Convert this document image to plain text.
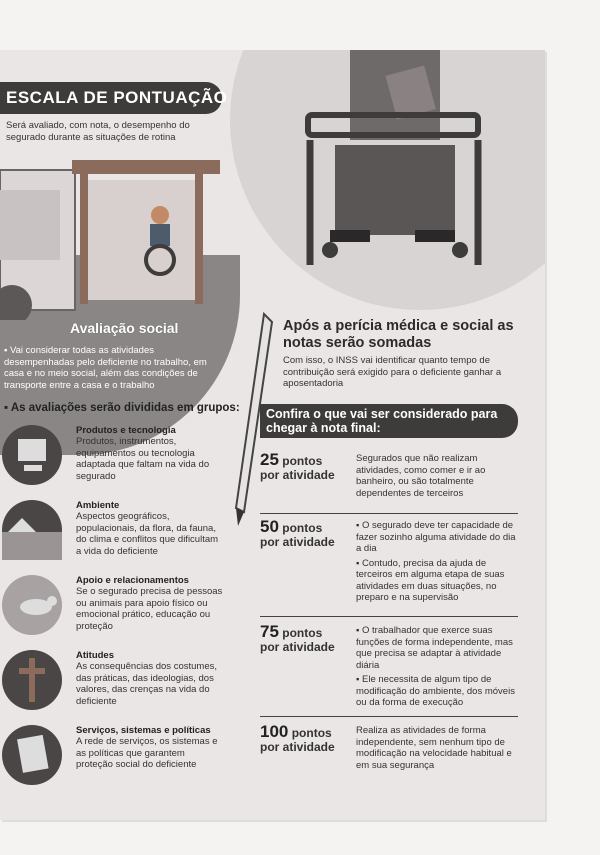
ESCALA DE PONTUAÇÃO
Será avaliado, com nota, o desempenho do segurado durante as situações de rotina
Avaliação social
▪ Vai considerar todas as atividades desempenhadas pelo deficiente no trabalho, em casa e no meio social, além das condições de transporte entre a casa e o trabalho
▪ As avaliações serão divididas em grupos:
Produtos e tecnologia
Produtos, instrumentos, equipamentos ou tecnologia adaptada que faltam na vida do segurado
Ambiente
Aspectos geográficos, populacionais, da flora, da fauna, do clima e conflitos que dificultam a vida do deficiente
Apoio e relacionamentos
Se o segurado precisa de pessoas ou animais para apoio físico ou emocional prático, educação ou proteção
Atitudes
As consequências dos costumes, das práticas, das ideologias, dos valores, das crenças na vida do deficiente
Serviços, sistemas e políticas
A rede de serviços, os sistemas e as políticas que garantem proteção social do deficiente
Após a perícia médica e social as notas serão somadas
Com isso, o INSS vai identificar quanto tempo de contribuição será exigido para o deficiente ganhar a aposentadoria
Confira o que vai ser considerado para chegar à nota final:
25 pontos
por atividade

Segurados que não realizam atividades, como comer e ir ao banheiro, ou são totalmente dependentes de terceiros

50 pontos
por atividade

▪ O segurado deve ter capacidade de fazer sozinho alguma atividade do dia a dia

▪ Contudo, precisa da ajuda de terceiros em alguma etapa de suas atividades em duas situações, no preparo e na supervisão

75 pontos
por atividade

▪ O trabalhador que exerce suas funções de forma independente, mas que precisa se adaptar à atividade diária

▪ Ele necessita de algum tipo de modificação do ambiente, dos móveis ou da forma de execução

100 pontos
por atividade

Realiza as atividades de forma independente, sem nenhum tipo de modificação na velocidade habitual e em sua segurança
